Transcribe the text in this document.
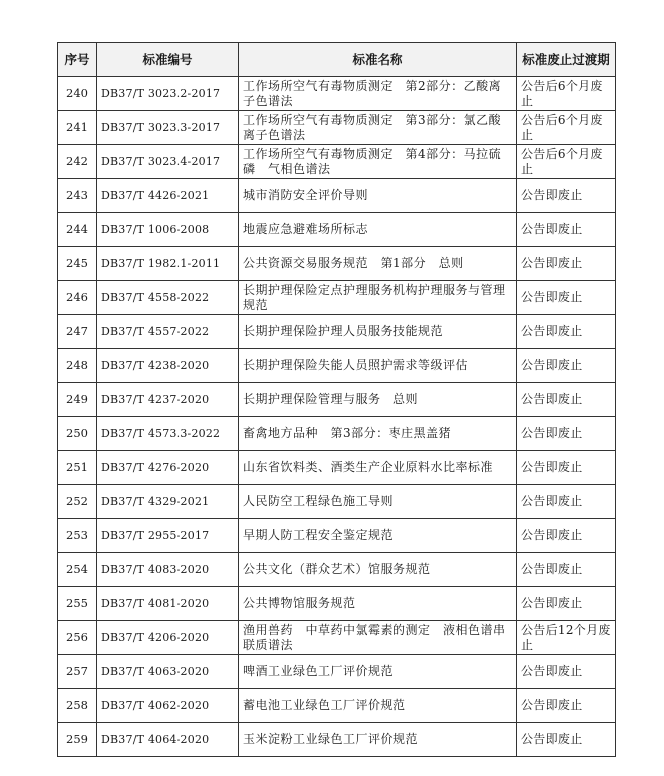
序号	标准编号	标准名称	标准废止过渡期
240	DB37/T 3023.2-2017	工作场所空气有毒物质测定　第2部分：乙酸离子色谱法	公告后6个月废止
241	DB37/T 3023.3-2017	工作场所空气有毒物质测定　第3部分：氯乙酸离子色谱法	公告后6个月废止
242	DB37/T 3023.4-2017	工作场所空气有毒物质测定　第4部分：马拉硫磷　气相色谱法	公告后6个月废止
243	DB37/T 4426-2021	城市消防安全评价导则	公告即废止
244	DB37/T 1006-2008	地震应急避难场所标志	公告即废止
245	DB37/T 1982.1-2011	公共资源交易服务规范　第1部分　总则	公告即废止
246	DB37/T 4558-2022	长期护理保险定点护理服务机构护理服务与管理规范	公告即废止
247	DB37/T 4557-2022	长期护理保险护理人员服务技能规范	公告即废止
248	DB37/T 4238-2020	长期护理保险失能人员照护需求等级评估	公告即废止
249	DB37/T 4237-2020	长期护理保险管理与服务　总则	公告即废止
250	DB37/T 4573.3-2022	畜禽地方品种　第3部分：枣庄黑盖猪	公告即废止
251	DB37/T 4276-2020	山东省饮料类、酒类生产企业原料水比率标准	公告即废止
252	DB37/T 4329-2021	人民防空工程绿色施工导则	公告即废止
253	DB37/T 2955-2017	早期人防工程安全鉴定规范	公告即废止
254	DB37/T 4083-2020	公共文化（群众艺术）馆服务规范	公告即废止
255	DB37/T 4081-2020	公共博物馆服务规范	公告即废止
256	DB37/T 4206-2020	渔用兽药　中草药中氯霉素的测定　液相色谱串联质谱法	公告后12个月废止
257	DB37/T 4063-2020	啤酒工业绿色工厂评价规范	公告即废止
258	DB37/T 4062-2020	蓄电池工业绿色工厂评价规范	公告即废止
259	DB37/T 4064-2020	玉米淀粉工业绿色工厂评价规范	公告即废止
